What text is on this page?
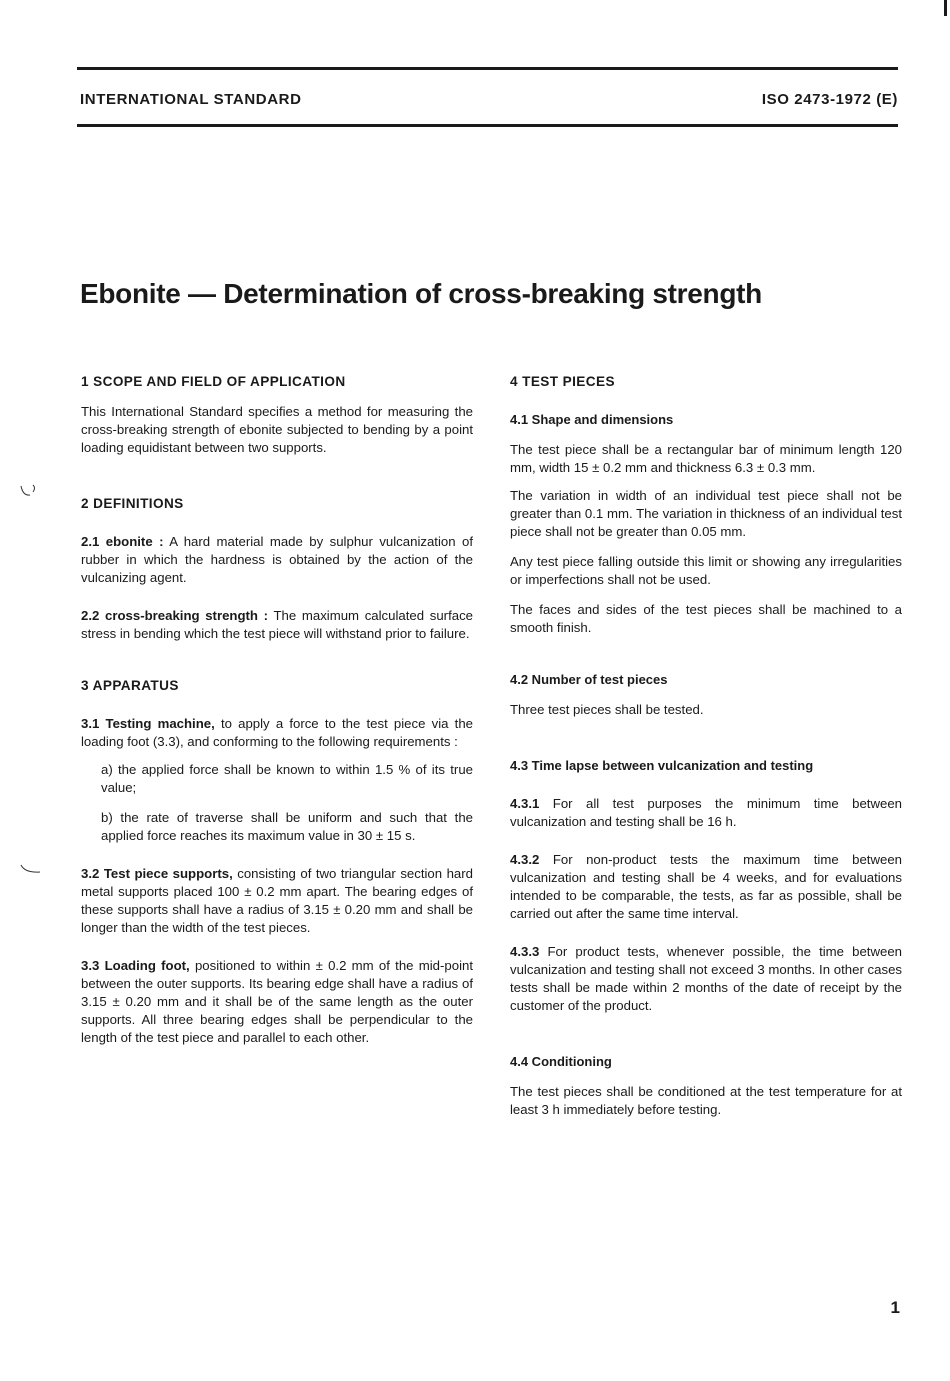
INTERNATIONAL STANDARD	ISO 2473-1972 (E)
Ebonite — Determination of cross-breaking strength
1 SCOPE AND FIELD OF APPLICATION

This International Standard specifies a method for measuring the cross-breaking strength of ebonite subjected to bending by a point loading equidistant between two supports.

2 DEFINITIONS

2.1 ebonite : A hard material made by sulphur vulcanization of rubber in which the hardness is obtained by the action of the vulcanizing agent.

2.2 cross-breaking strength : The maximum calculated surface stress in bending which the test piece will withstand prior to failure.

3 APPARATUS

3.1 Testing machine, to apply a force to the test piece via the loading foot (3.3), and conforming to the following requirements :

a) the applied force shall be known to within 1.5 % of its true value;

b) the rate of traverse shall be uniform and such that the applied force reaches its maximum value in 30 ± 15 s.

3.2 Test piece supports, consisting of two triangular section hard metal supports placed 100 ± 0.2 mm apart. The bearing edges of these supports shall have a radius of 3.15 ± 0.20 mm and shall be longer than the width of the test pieces.

3.3 Loading foot, positioned to within ± 0.2 mm of the mid-point between the outer supports. Its bearing edge shall have a radius of 3.15 ± 0.20 mm and it shall be of the same length as the outer supports. All three bearing edges shall be perpendicular to the length of the test piece and parallel to each other.

4 TEST PIECES
4.1 Shape and dimensions

The test piece shall be a rectangular bar of minimum length 120 mm, width 15 ± 0.2 mm and thickness 6.3 ± 0.3 mm.

The variation in width of an individual test piece shall not be greater than 0.1 mm. The variation in thickness of an individual test piece shall not be greater than 0.05 mm.

Any test piece falling outside this limit or showing any irregularities or imperfections shall not be used.

The faces and sides of the test pieces shall be machined to a smooth finish.

4.2 Number of test pieces

Three test pieces shall be tested.

4.3 Time lapse between vulcanization and testing

4.3.1 For all test purposes the minimum time between vulcanization and testing shall be 16 h.

4.3.2 For non-product tests the maximum time between vulcanization and testing shall be 4 weeks, and for evaluations intended to be comparable, the tests, as far as possible, shall be carried out after the same time interval.

4.3.3 For product tests, whenever possible, the time between vulcanization and testing shall not exceed 3 months. In other cases tests shall be made within 2 months of the date of receipt by the customer of the product.

4.4 Conditioning

The test pieces shall be conditioned at the test temperature for at least 3 h immediately before testing.

1
